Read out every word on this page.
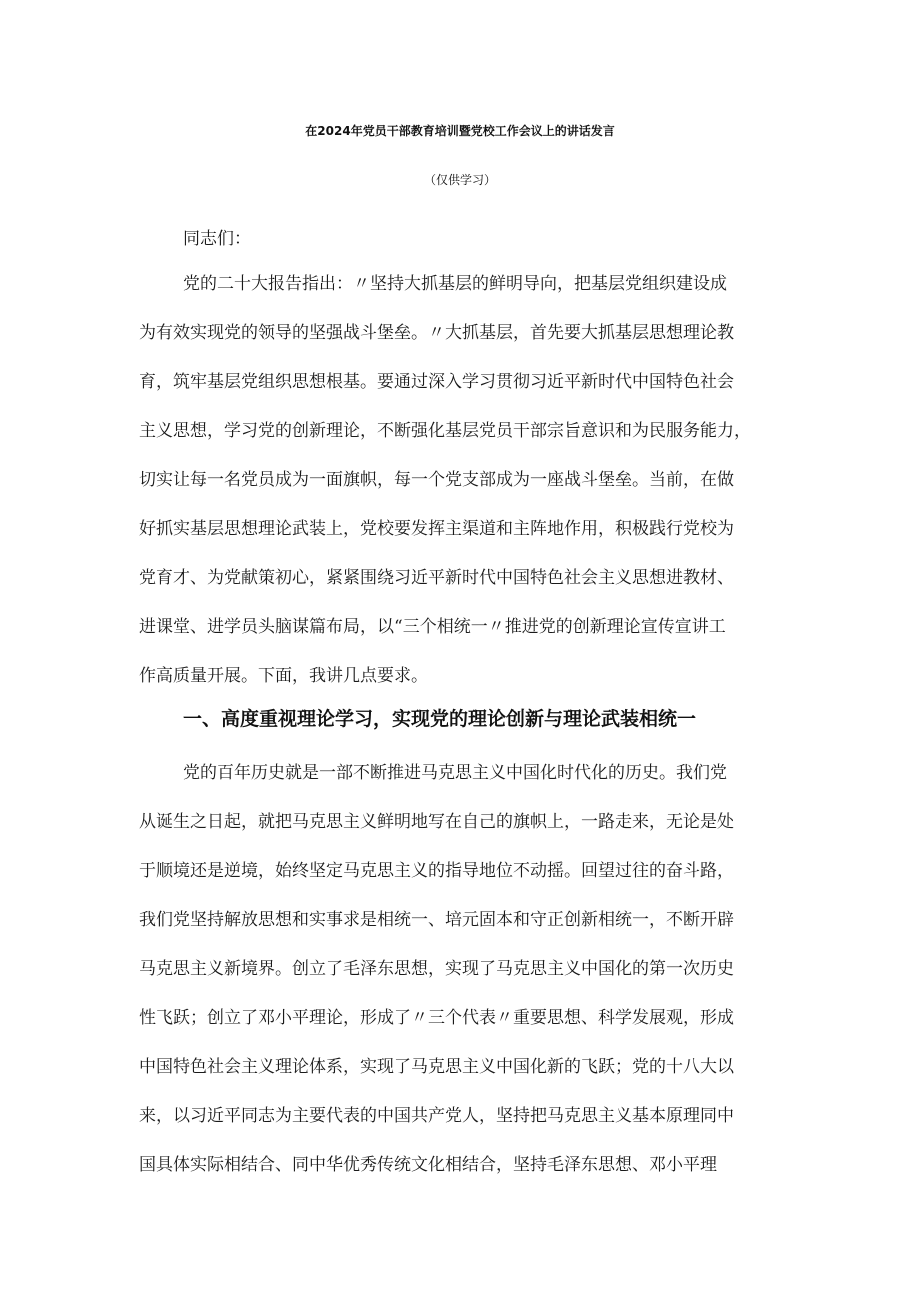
在2024年党员干部教育培训暨党校工作会议上的讲话发言
（仅供学习）

同志们：

党的二十大报告指出：〃坚持大抓基层的鲜明导向，把基层党组织建设成
为有效实现党的领导的坚强战斗堡垒。〃大抓基层，首先要大抓基层思想理论教
育，筑牢基层党组织思想根基。要通过深入学习贯彻习近平新时代中国特色社会
主义思想，学习党的创新理论，不断强化基层党员干部宗旨意识和为民服务能力，
切实让每一名党员成为一面旗帜，每一个党支部成为一座战斗堡垒。当前，在做
好抓实基层思想理论武装上，党校要发挥主渠道和主阵地作用，积极践行党校为
党育才、为党献策初心，紧紧围绕习近平新时代中国特色社会主义思想进教材、
进课堂、进学员头脑谋篇布局，以“三个相统一〃推进党的创新理论宣传宣讲工
作高质量开展。下面，我讲几点要求。
一、高度重视理论学习，实现党的理论创新与理论武装相统一
党的百年历史就是一部不断推进马克思主义中国化时代化的历史。我们党
从诞生之日起，就把马克思主义鲜明地写在自己的旗帜上，一路走来，无论是处
于顺境还是逆境，始终坚定马克思主义的指导地位不动摇。回望过往的奋斗路，
我们党坚持解放思想和实事求是相统一、培元固本和守正创新相统一，不断开辟
马克思主义新境界。创立了毛泽东思想，实现了马克思主义中国化的第一次历史
性飞跃；创立了邓小平理论，形成了〃三个代表〃重要思想、科学发展观，形成
中国特色社会主义理论体系，实现了马克思主义中国化新的飞跃；党的十八大以
来，以习近平同志为主要代表的中国共产党人，坚持把马克思主义基本原理同中
国具体实际相结合、同中华优秀传统文化相结合，坚持毛泽东思想、邓小平理
